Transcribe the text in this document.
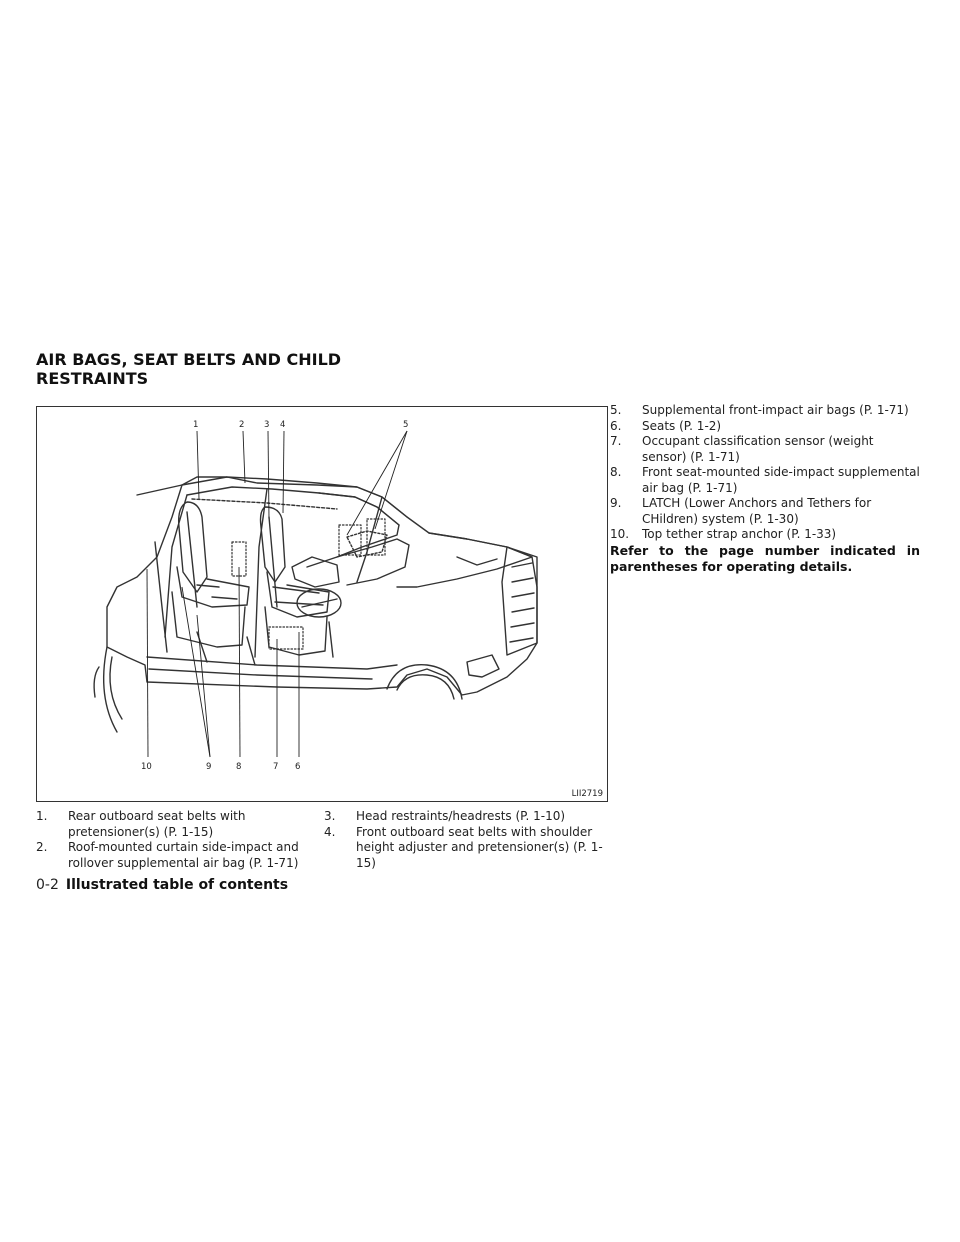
AIR BAGS, SEAT BELTS AND CHILD RESTRAINTS
1	2 3 4	5
10	9	8	7 6
LII2719
1. Rear outboard seat belts with pretensioner(s) (P. 1-15)
2. Roof-mounted curtain side-impact and rollover supplemental air bag (P. 1-71)
3. Head restraints/headrests (P. 1-10)
4. Front outboard seat belts with shoulder height adjuster and pretensioner(s) (P. 1-15)
5. Supplemental front-impact air bags (P. 1-71)
6. Seats (P. 1-2)
7. Occupant classification sensor (weight sensor) (P. 1-71)
8. Front seat-mounted side-impact supplemental air bag (P. 1-71)
9. LATCH (Lower Anchors and Tethers for CHildren) system (P. 1-30)
10. Top tether strap anchor (P. 1-33)
Refer to the page number indicated in parentheses for operating details.
0-2 Illustrated table of contents
